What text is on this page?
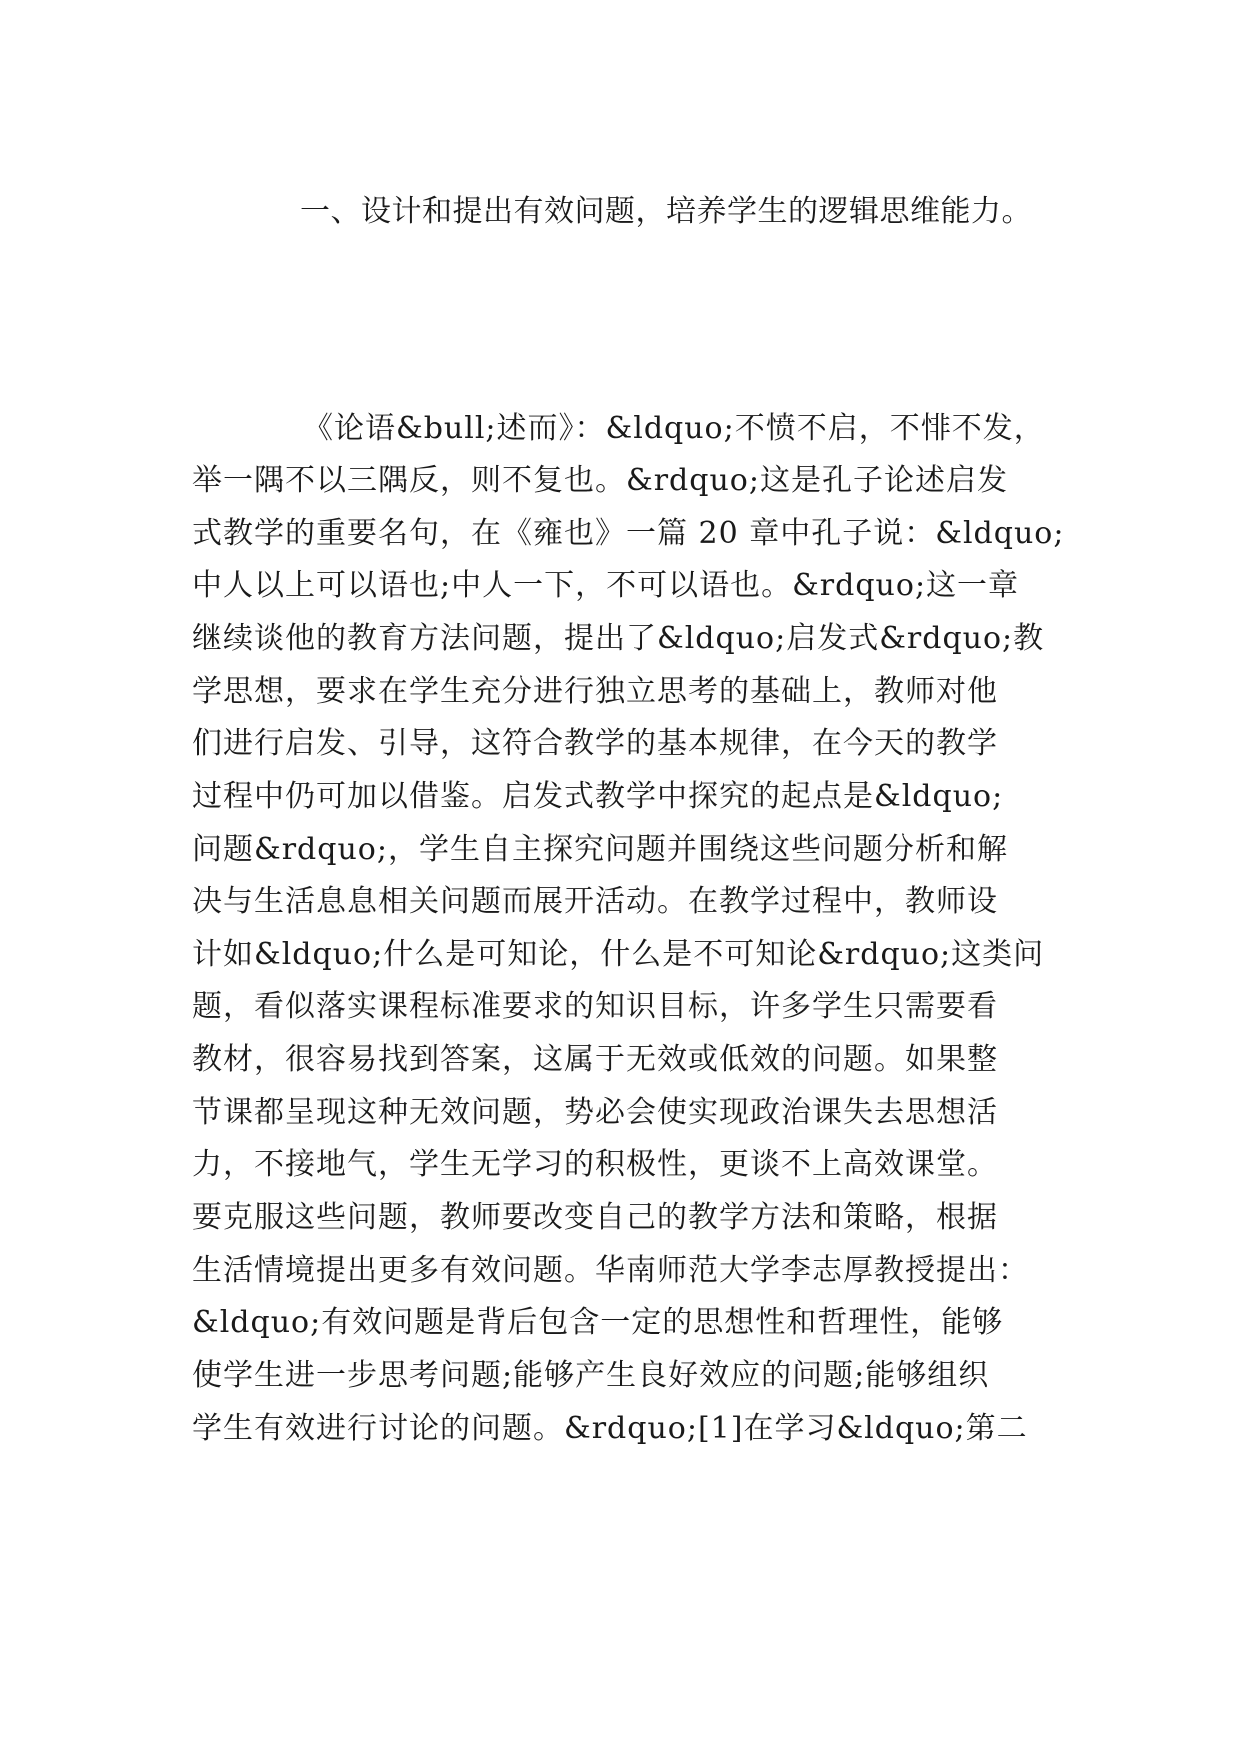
一、设计和提出有效问题，培养学生的逻辑思维能力。
《论语&bull;述而》：&ldquo;不愤不启，不悱不发，
举一隅不以三隅反，则不复也。&rdquo;这是孔子论述启发
式教学的重要名句，在《雍也》一篇 20 章中孔子说：&ldquo;
中人以上可以语也;中人一下，不可以语也。&rdquo;这一章
继续谈他的教育方法问题，提出了&ldquo;启发式&rdquo;教
学思想，要求在学生充分进行独立思考的基础上，教师对他
们进行启发、引导，这符合教学的基本规律，在今天的教学
过程中仍可加以借鉴。启发式教学中探究的起点是&ldquo;
问题&rdquo;，学生自主探究问题并围绕这些问题分析和解
决与生活息息相关问题而展开活动。在教学过程中，教师设
计如&ldquo;什么是可知论，什么是不可知论&rdquo;这类问
题，看似落实课程标准要求的知识目标，许多学生只需要看
教材，很容易找到答案，这属于无效或低效的问题。如果整
节课都呈现这种无效问题，势必会使实现政治课失去思想活
力，不接地气，学生无学习的积极性，更谈不上高效课堂。
要克服这些问题，教师要改变自己的教学方法和策略，根据
生活情境提出更多有效问题。华南师范大学李志厚教授提出：
&ldquo;有效问题是背后包含一定的思想性和哲理性，能够
使学生进一步思考问题;能够产生良好效应的问题;能够组织
学生有效进行讨论的问题。&rdquo;[1]在学习&ldquo;第二
